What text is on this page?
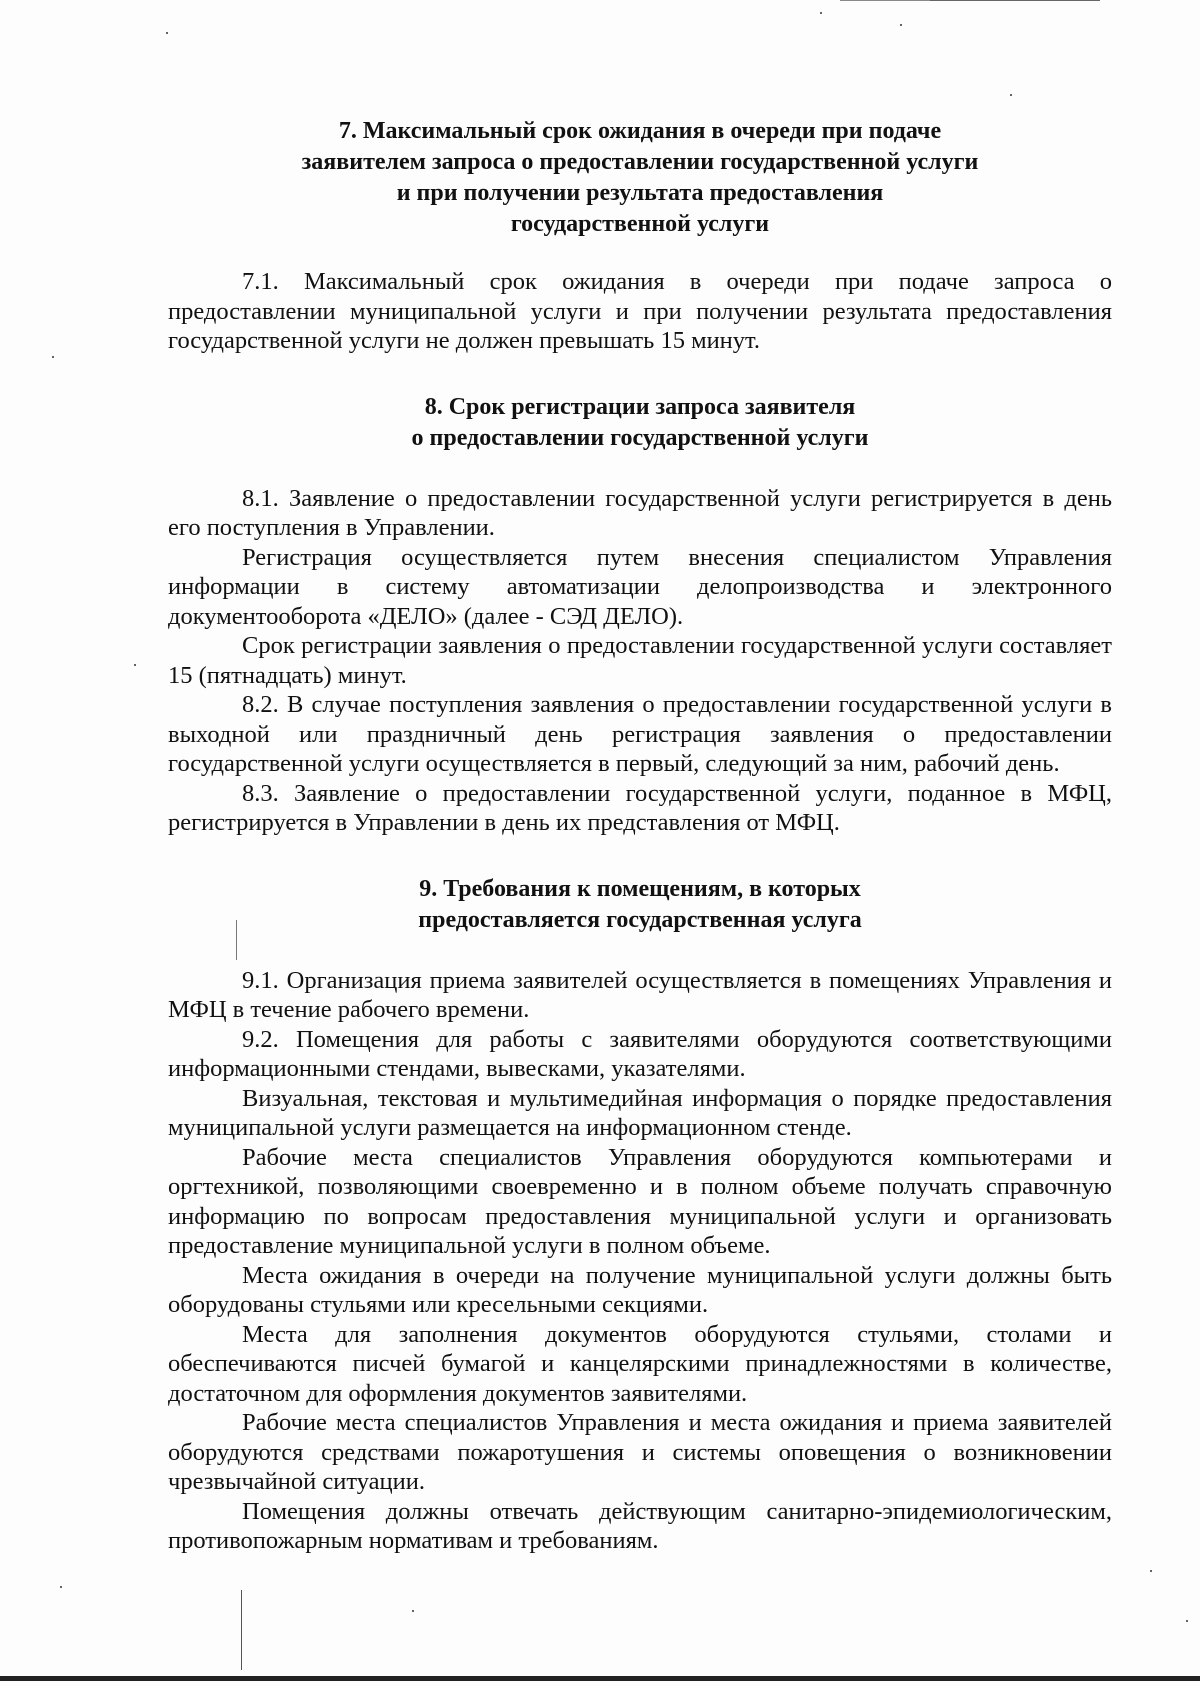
7. Максимальный срок ожидания в очереди при подаче
заявителем запроса о предоставлении государственной услуги
и при получении результата предоставления
государственной услуги

7.1. Максимальный срок ожидания в очереди при подаче запроса о предоставлении муниципальной услуги и при получении результата предоставления государственной услуги не должен превышать 15 минут.

8. Срок регистрации запроса заявителя
о предоставлении государственной услуги

8.1. Заявление о предоставлении государственной услуги регистрируется в день его поступления в Управлении.

Регистрация осуществляется путем внесения специалистом Управления информации в систему автоматизации делопроизводства и электронного документооборота «ДЕЛО» (далее - СЭД ДЕЛО).

Срок регистрации заявления о предоставлении государственной услуги составляет 15 (пятнадцать) минут.

8.2. В случае поступления заявления о предоставлении государственной услуги в выходной или праздничный день регистрация заявления о предоставлении государственной услуги осуществляется в первый, следующий за ним, рабочий день.

8.3. Заявление о предоставлении государственной услуги, поданное в МФЦ, регистрируется в Управлении в день их представления от МФЦ.

9. Требования к помещениям, в которых
предоставляется государственная услуга

9.1. Организация приема заявителей осуществляется в помещениях Управления и МФЦ в течение рабочего времени.

9.2. Помещения для работы с заявителями оборудуются соответствующими информационными стендами, вывесками, указателями.

Визуальная, текстовая и мультимедийная информация о порядке предоставления муниципальной услуги размещается на информационном стенде.

Рабочие места специалистов Управления оборудуются компьютерами и оргтехникой, позволяющими своевременно и в полном объеме получать справочную информацию по вопросам предоставления муниципальной услуги и организовать предоставление муниципальной услуги в полном объеме.

Места ожидания в очереди на получение муниципальной услуги должны быть оборудованы стульями или кресельными секциями.

Места для заполнения документов оборудуются стульями, столами и обеспечиваются писчей бумагой и канцелярскими принадлежностями в количестве, достаточном для оформления документов заявителями.

Рабочие места специалистов Управления и места ожидания и приема заявителей оборудуются средствами пожаротушения и системы оповещения о возникновении чрезвычайной ситуации.

Помещения должны отвечать действующим санитарно-эпидемиологическим, противопожарным нормативам и требованиям.
